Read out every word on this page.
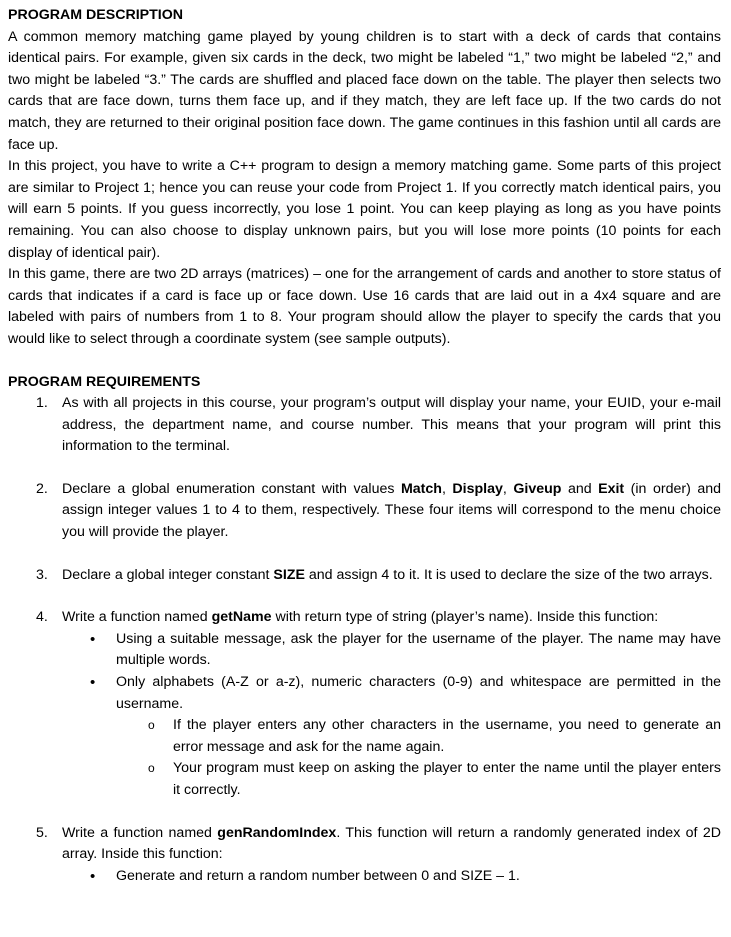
PROGRAM DESCRIPTION

A common memory matching game played by young children is to start with a deck of cards that contains identical pairs. For example, given six cards in the deck, two might be labeled “1,” two might be labeled “2,” and two might be labeled “3.” The cards are shuffled and placed face down on the table. The player then selects two cards that are face down, turns them face up, and if they match, they are left face up. If the two cards do not match, they are returned to their original position face down. The game continues in this fashion until all cards are face up.

In this project, you have to write a C++ program to design a memory matching game. Some parts of this project are similar to Project 1; hence you can reuse your code from Project 1. If you correctly match identical pairs, you will earn 5 points. If you guess incorrectly, you lose 1 point. You can keep playing as long as you have points remaining. You can also choose to display unknown pairs, but you will lose more points (10 points for each display of identical pair).

In this game, there are two 2D arrays (matrices) – one for the arrangement of cards and another to store status of cards that indicates if a card is face up or face down. Use 16 cards that are laid out in a 4x4 square and are labeled with pairs of numbers from 1 to 8. Your program should allow the player to specify the cards that you would like to select through a coordinate system (see sample outputs).

PROGRAM REQUIREMENTS

1. As with all projects in this course, your program’s output will display your name, your EUID, your e-mail address, the department name, and course number. This means that your program will print this information to the terminal.
2. Declare a global enumeration constant with values Match, Display, Giveup and Exit (in order) and assign integer values 1 to 4 to them, respectively. These four items will correspond to the menu choice you will provide the player.
3. Declare a global integer constant SIZE and assign 4 to it. It is used to declare the size of the two arrays.
4. Write a function named getName with return type of string (player’s name). Inside this function:
• Using a suitable message, ask the player for the username of the player. The name may have multiple words.
• Only alphabets (A-Z or a-z), numeric characters (0-9) and whitespace are permitted in the username.
o If the player enters any other characters in the username, you need to generate an error message and ask for the name again.
o Your program must keep on asking the player to enter the name until the player enters it correctly.
5. Write a function named genRandomIndex. This function will return a randomly generated index of 2D array. Inside this function:
• Generate and return a random number between 0 and SIZE – 1.
